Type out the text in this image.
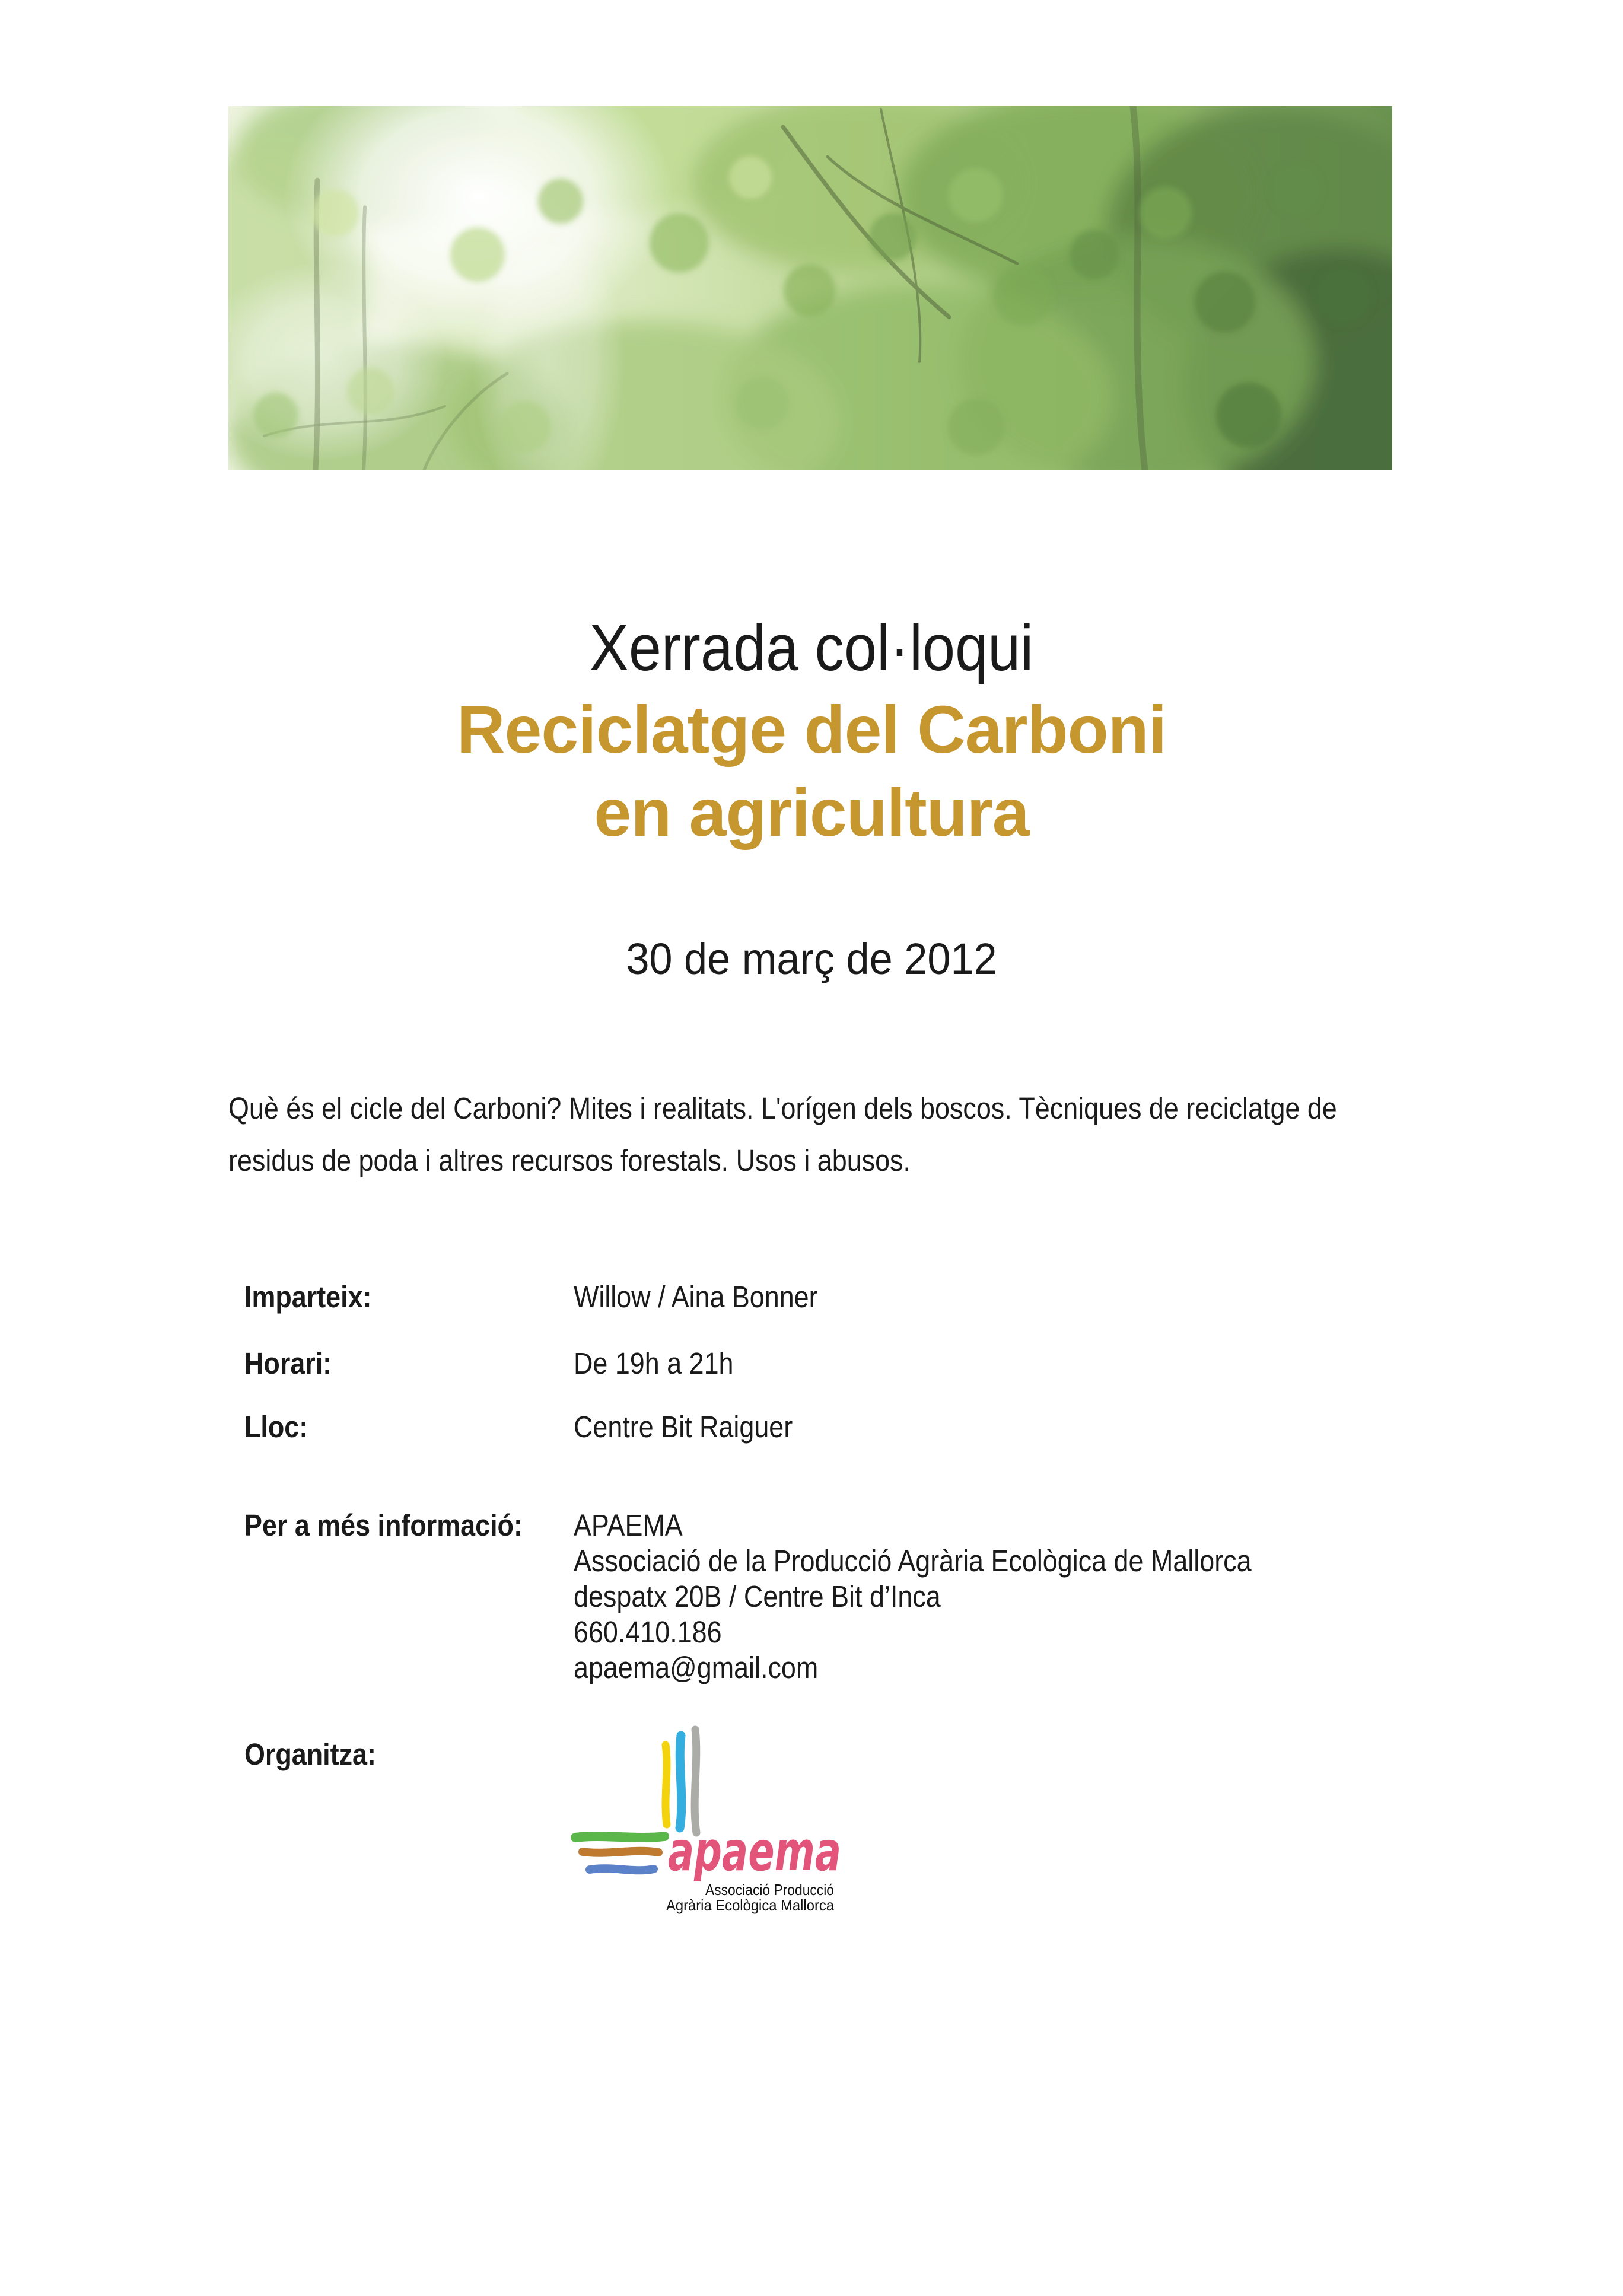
Xerrada col·loqui
Reciclatge del Carboni
en agricultura
30 de març de 2012
Què és el cicle del Carboni? Mites i realitats. L'orígen dels boscos. Tècniques de reciclatge de
residus de poda i altres recursos forestals. Usos i abusos.
Imparteix:	Willow / Aina Bonner
Horari:	De 19h a 21h
Lloc:	Centre Bit Raiguer
Per a més informació: APAEMA
Associació de la Producció Agrària Ecològica de Mallorca
despatx 20B / Centre Bit d’Inca
660.410.186
apaema@gmail.com
Organitza:
apaema
Associació Producció
Agrària Ecològica Mallorca
